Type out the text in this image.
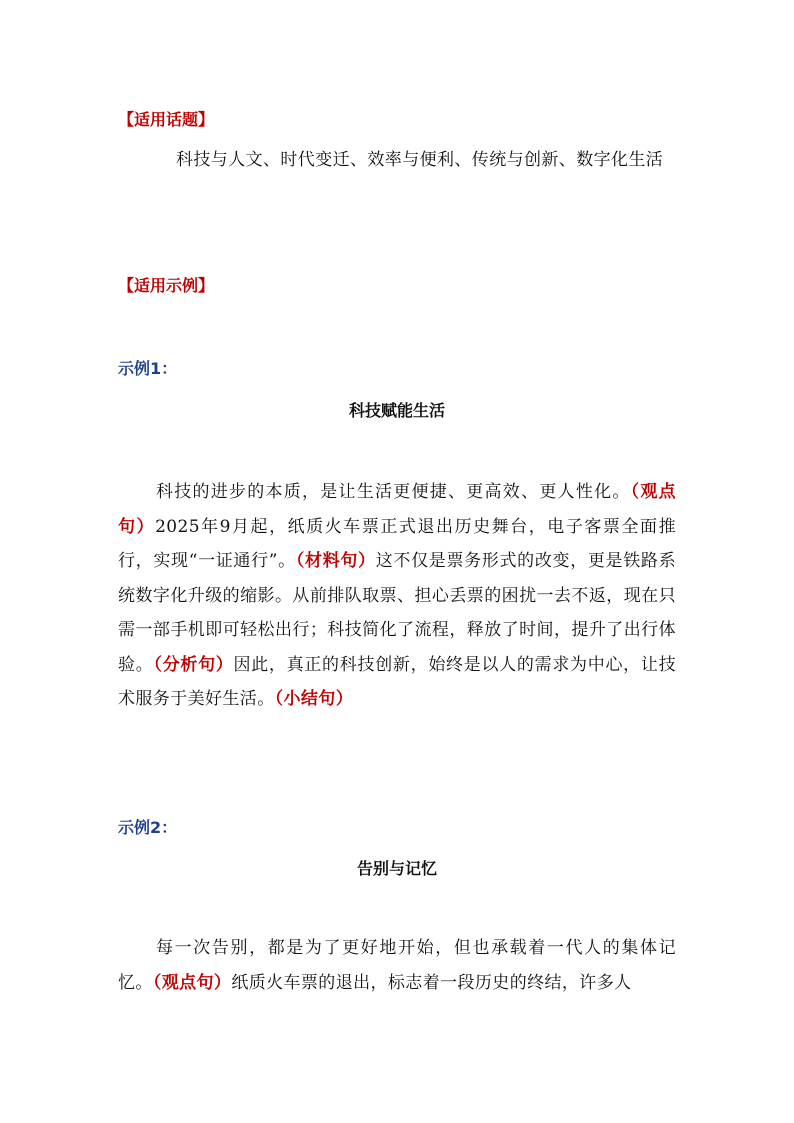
【适用话题】
科技与人文、时代变迁、效率与便利、传统与创新、数字化生活
【适用示例】
示例1：
科技赋能生活
科技的进步的本质，是让生活更便捷、更高效、更人性化。（观点句）2025年9月起，纸质火车票正式退出历史舞台，电子客票全面推行，实现“一证通行”。（材料句）这不仅是票务形式的改变，更是铁路系统数字化升级的缩影。从前排队取票、担心丢票的困扰一去不返，现在只需一部手机即可轻松出行；科技简化了流程，释放了时间，提升了出行体验。（分析句）因此，真正的科技创新，始终是以人的需求为中心，让技术服务于美好生活。（小结句）
示例2：
告别与记忆
每一次告别，都是为了更好地开始，但也承载着一代人的集体记忆。（观点句）纸质火车票的退出，标志着一段历史的终结，许多人
